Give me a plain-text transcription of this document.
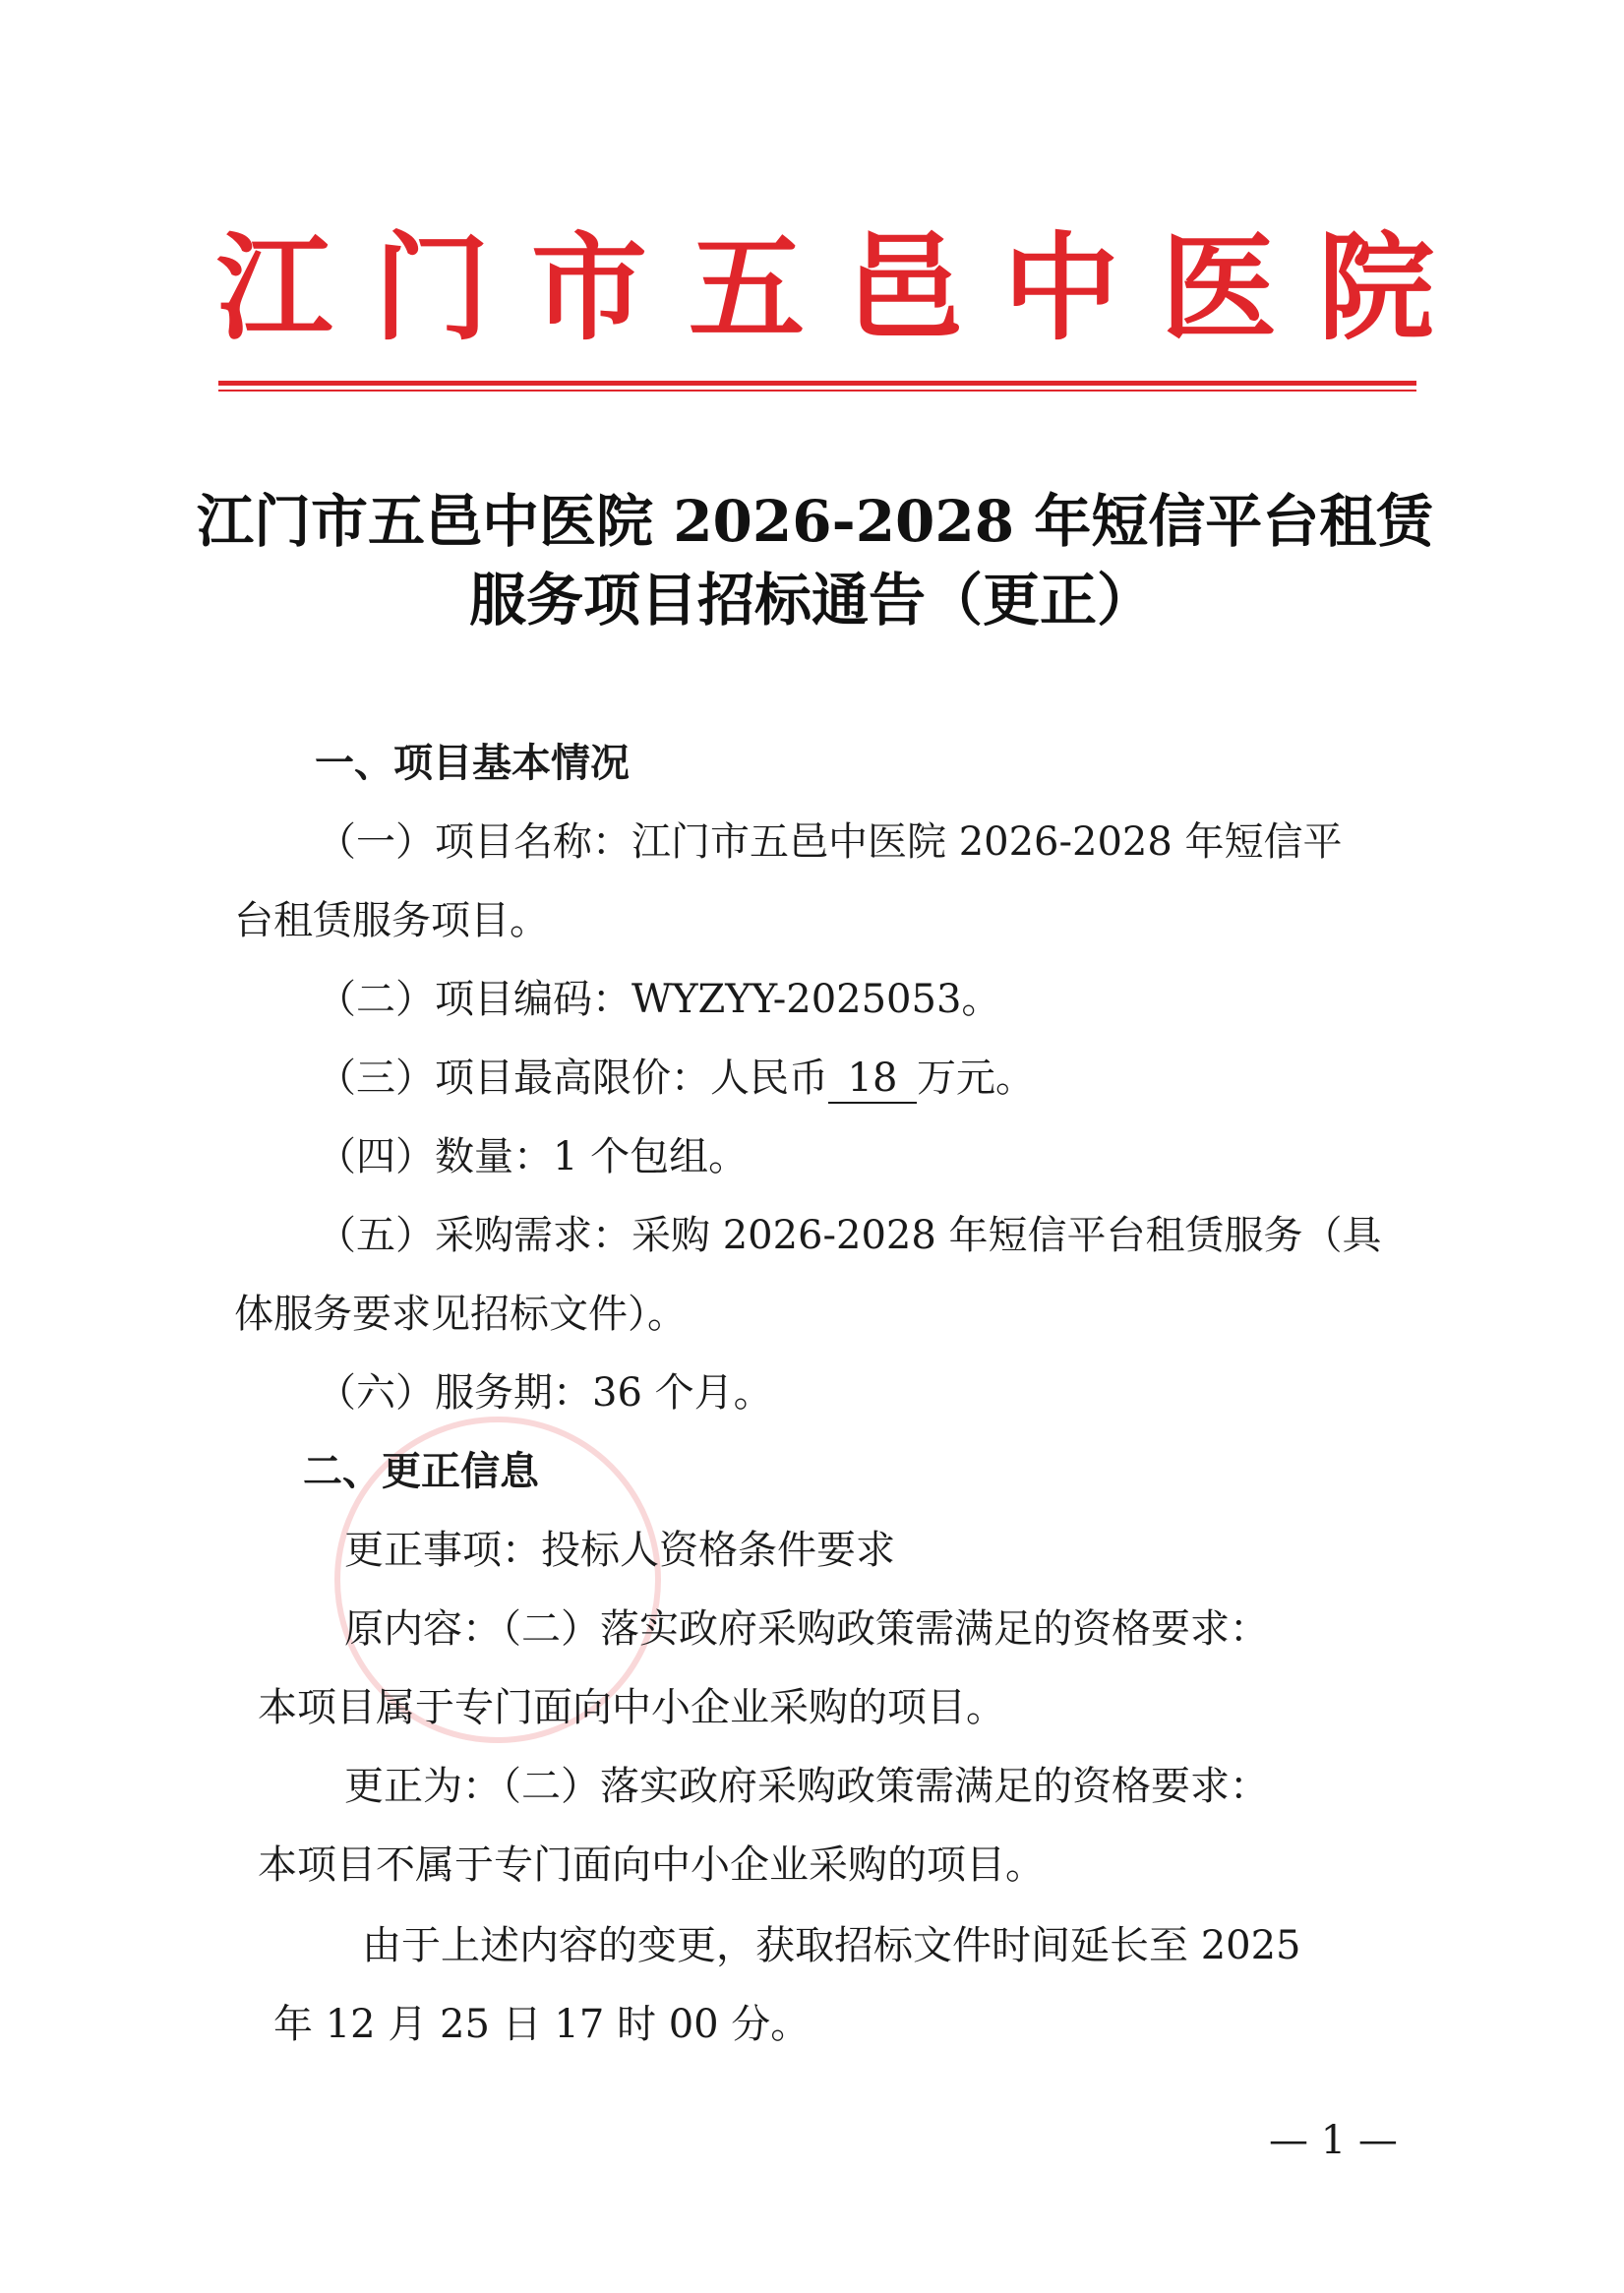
江门市五邑中医院
江门市五邑中医院 2026-2028 年短信平台租赁
服务项目招标通告（更正）
一、项目基本情况
（一）项目名称：江门市五邑中医院 2026-2028 年短信平
台租赁服务项目。
（二）项目编码：WYZYY-2025053。
（三）项目最高限价：人民币 18 万元。
（四）数量：1 个包组。
（五）采购需求：采购 2026-2028 年短信平台租赁服务（具
体服务要求见招标文件）。
（六）服务期：36 个月。
二、更正信息
更正事项：投标人资格条件要求
原内容：（二）落实政府采购政策需满足的资格要求：
本项目属于专门面向中小企业采购的项目。
更正为：（二）落实政府采购政策需满足的资格要求：
本项目不属于专门面向中小企业采购的项目。
由于上述内容的变更，获取招标文件时间延长至 2025
年 12 月 25 日 17 时 00 分。
— 1 —
